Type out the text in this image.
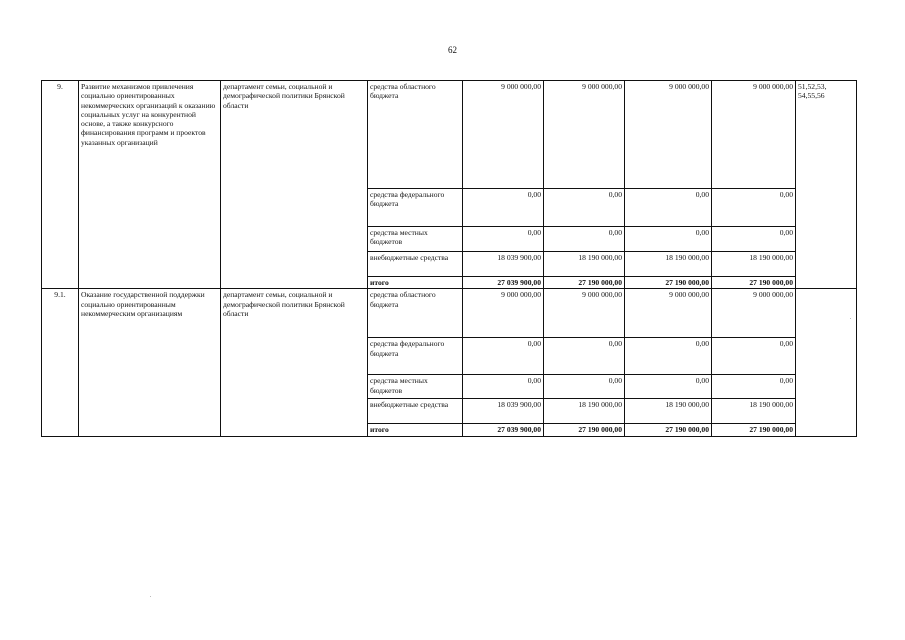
62
9.	Развитие механизмов привлечения социально ориентированных некоммерческих организаций к оказанию социальных услуг на конкурентной основе, а также конкурсного финансирования программ и проектов указанных организаций	департамент семьи, социальной и демографической политики Брянской области	средства областного бюджета	9 000 000,00	9 000 000,00	9 000 000,00	9 000 000,00	51,52,53, 54,55,56
			средства федерального бюджета	0,00	0,00	0,00	0,00	
			средства местных бюджетов	0,00	0,00	0,00	0,00	
			внебюджетные средства	18 039 900,00	18 190 000,00	18 190 000,00	18 190 000,00	
			итого	27 039 900,00	27 190 000,00	27 190 000,00	27 190 000,00	
9.1.	Оказание государственной поддержки социально ориентированным некоммерческим организациям	департамент семьи, социальной и демографической политики Брянской области	средства областного бюджета	9 000 000,00	9 000 000,00	9 000 000,00	9 000 000,00	
			средства федерального бюджета	0,00	0,00	0,00	0,00	
			средства местных бюджетов	0,00	0,00	0,00	0,00	
			внебюджетные средства	18 039 900,00	18 190 000,00	18 190 000,00	18 190 000,00	
			итого	27 039 900,00	27 190 000,00	27 190 000,00	27 190 000,00	
